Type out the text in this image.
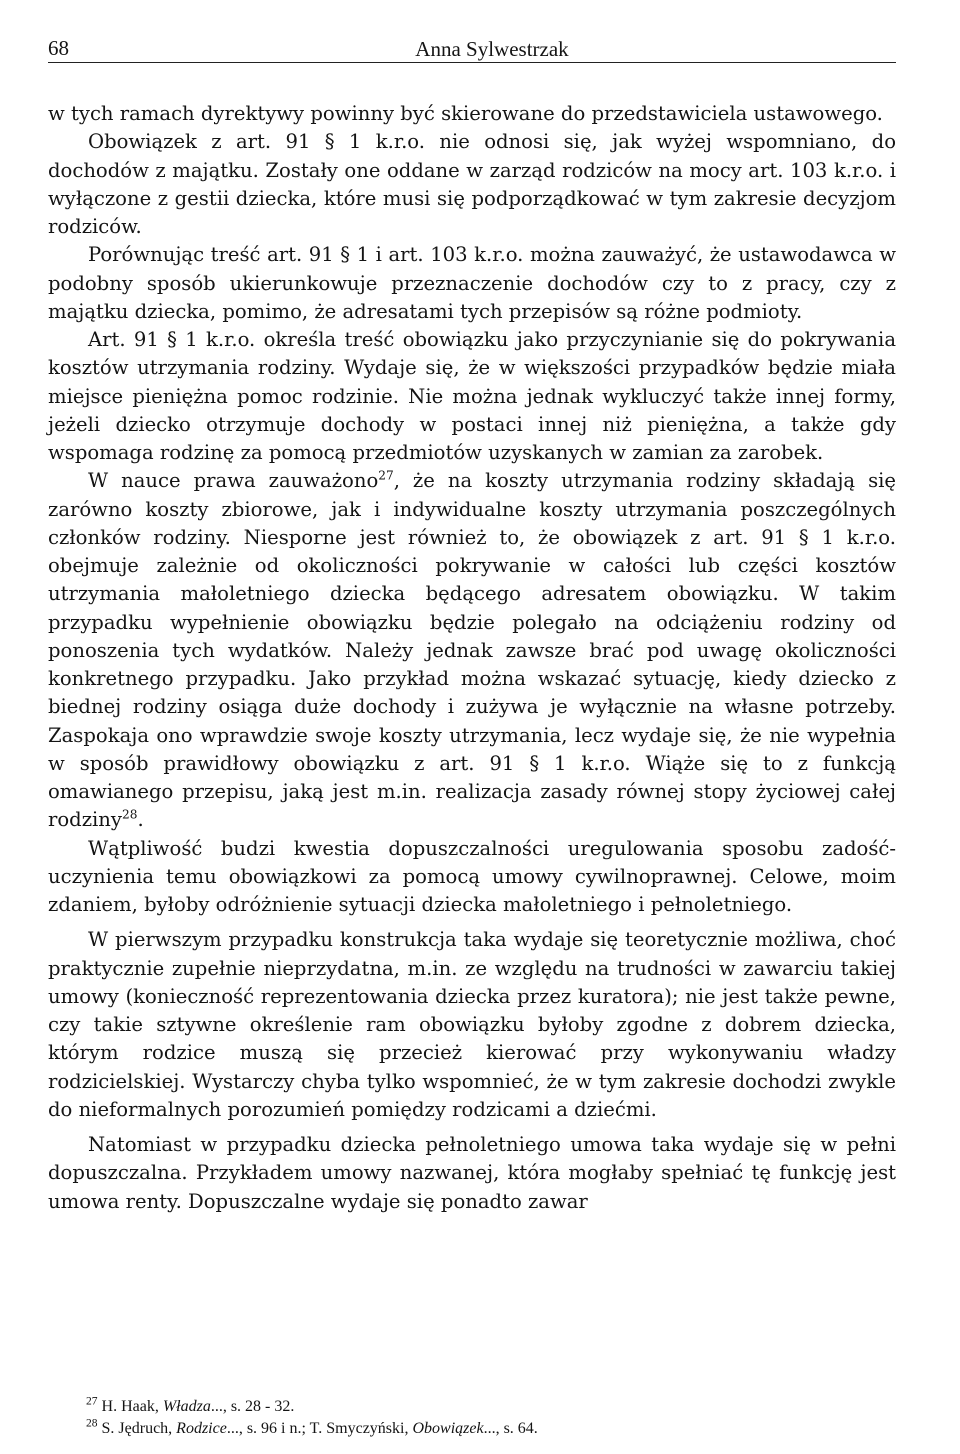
68	Anna Sylwestrzak

w tych ramach dyrektywy powinny być skierowane do przedstawiciela ustawowego.

Obowiązek z art. 91 § 1 k.r.o. nie odnosi się, jak wyżej wspomniano, do dochodów z majątku. Zostały one oddane w zarząd rodziców na mocy art. 103 k.r.o. i wyłączone z gestii dziecka, które musi się podporządkować w tym zakresie decyzjom rodziców.

Porównując treść art. 91 § 1 i art. 103 k.r.o. można zauważyć, że ustawodawca w podobny sposób ukierunkowuje przeznaczenie dochodów czy to z pracy, czy z majątku dziecka, pomimo, że adresatami tych przepisów są różne podmioty.

Art. 91 § 1 k.r.o. określa treść obowiązku jako przyczynianie się do pokrywania kosztów utrzymania rodziny. Wydaje się, że w większości przypadków będzie miała miejsce pieniężna pomoc rodzinie. Nie można jednak wykluczyć także innej formy, jeżeli dziecko otrzymuje dochody w postaci innej niż pieniężna, a także gdy wspomaga rodzinę za pomocą przedmiotów uzyskanych w zamian za zarobek.

W nauce prawa zauważono$^{27}$, że na koszty utrzymania rodziny składają się zarówno koszty zbiorowe, jak i indywidualne koszty utrzymania poszczególnych członków rodziny. Niesporne jest również to, że obowiązek z art. 91 § 1 k.r.o. obejmuje zależnie od okoliczności pokrywanie w całości lub części kosztów utrzymania małoletniego dziecka będącego adresatem obowiązku. W takim przypadku wypełnienie obowiązku będzie polegało na odciążeniu rodziny od ponoszenia tych wydatków. Należy jednak zawsze brać pod uwagę okoliczności konkretnego przypadku. Jako przykład można wskazać sytuację, kiedy dziecko z biednej rodziny osiąga duże dochody i zużywa je wyłącznie na własne potrzeby. Zaspokaja ono wprawdzie swoje koszty utrzymania, lecz wydaje się, że nie wypełnia w sposób prawidłowy obowiązku z art. 91 § 1 k.r.o. Wiąże się to z funkcją omawianego przepisu, jaką jest m.in. realizacja zasady równej stopy życiowej całej rodziny$^{28}$.

Wątpliwość budzi kwestia dopuszczalności uregulowania sposobu zadośćuczynienia temu obowiązkowi za pomocą umowy cywilnoprawnej. Celowe, moim zdaniem, byłoby odróżnienie sytuacji dziecka małoletniego i pełnoletniego.

W pierwszym przypadku konstrukcja taka wydaje się teoretycznie możliwa, choć praktycznie zupełnie nieprzydatna, m.in. ze względu na trudności w zawarciu takiej umowy (konieczność reprezentowania dziecka przez kuratora); nie jest także pewne, czy takie sztywne określenie ram obowiązku byłoby zgodne z dobrem dziecka, którym rodzice muszą się przecież kierować przy wykonywaniu władzy rodzicielskiej. Wystarczy chyba tylko wspomnieć, że w tym zakresie dochodzi zwykle do nieformalnych porozumień pomiędzy rodzicami a dziećmi.

Natomiast w przypadku dziecka pełnoletniego umowa taka wydaje się w pełni dopuszczalna. Przykładem umowy nazwanej, która mogłaby spełniać tę funkcję jest umowa renty. Dopuszczalne wydaje się ponadto zawar

$^{27}$ H. Haak, Władza..., s. 28 - 32.
$^{28}$ S. Jędruch, Rodzice..., s. 96 i n.; T. Smyczyński, Obowiązek..., s. 64.
